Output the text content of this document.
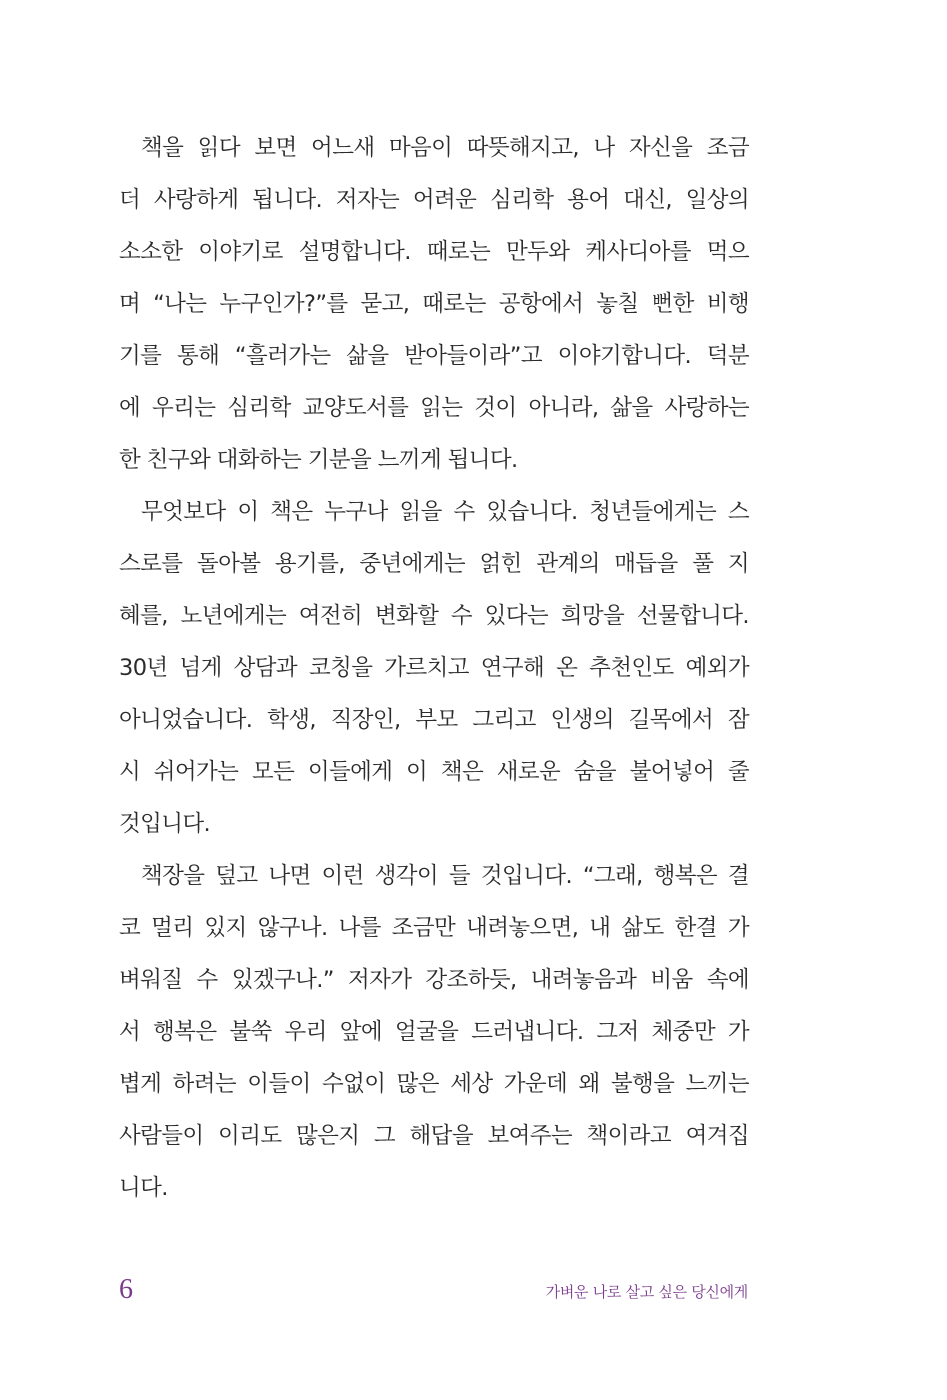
책을 읽다 보면 어느새 마음이 따뜻해지고, 나 자신을 조금
더 사랑하게 됩니다. 저자는 어려운 심리학 용어 대신, 일상의
소소한 이야기로 설명합니다. 때로는 만두와 케사디아를 먹으
며 “나는 누구인가?”를 묻고, 때로는 공항에서 놓칠 뻔한 비행
기를 통해 “흘러가는 삶을 받아들이라”고 이야기합니다. 덕분
에 우리는 심리학 교양도서를 읽는 것이 아니라, 삶을 사랑하는
한 친구와 대화하는 기분을 느끼게 됩니다.
무엇보다 이 책은 누구나 읽을 수 있습니다. 청년들에게는 스
스로를 돌아볼 용기를, 중년에게는 얽힌 관계의 매듭을 풀 지
혜를, 노년에게는 여전히 변화할 수 있다는 희망을 선물합니다.
30년 넘게 상담과 코칭을 가르치고 연구해 온 추천인도 예외가
아니었습니다. 학생, 직장인, 부모 그리고 인생의 길목에서 잠
시 쉬어가는 모든 이들에게 이 책은 새로운 숨을 불어넣어 줄
것입니다.
책장을 덮고 나면 이런 생각이 들 것입니다. “그래, 행복은 결
코 멀리 있지 않구나. 나를 조금만 내려놓으면, 내 삶도 한결 가
벼워질 수 있겠구나.” 저자가 강조하듯, 내려놓음과 비움 속에
서 행복은 불쑥 우리 앞에 얼굴을 드러냅니다. 그저 체중만 가
볍게 하려는 이들이 수없이 많은 세상 가운데 왜 불행을 느끼는
사람들이 이리도 많은지 그 해답을 보여주는 책이라고 여겨집
니다.
6	가벼운 나로 살고 싶은 당신에게
